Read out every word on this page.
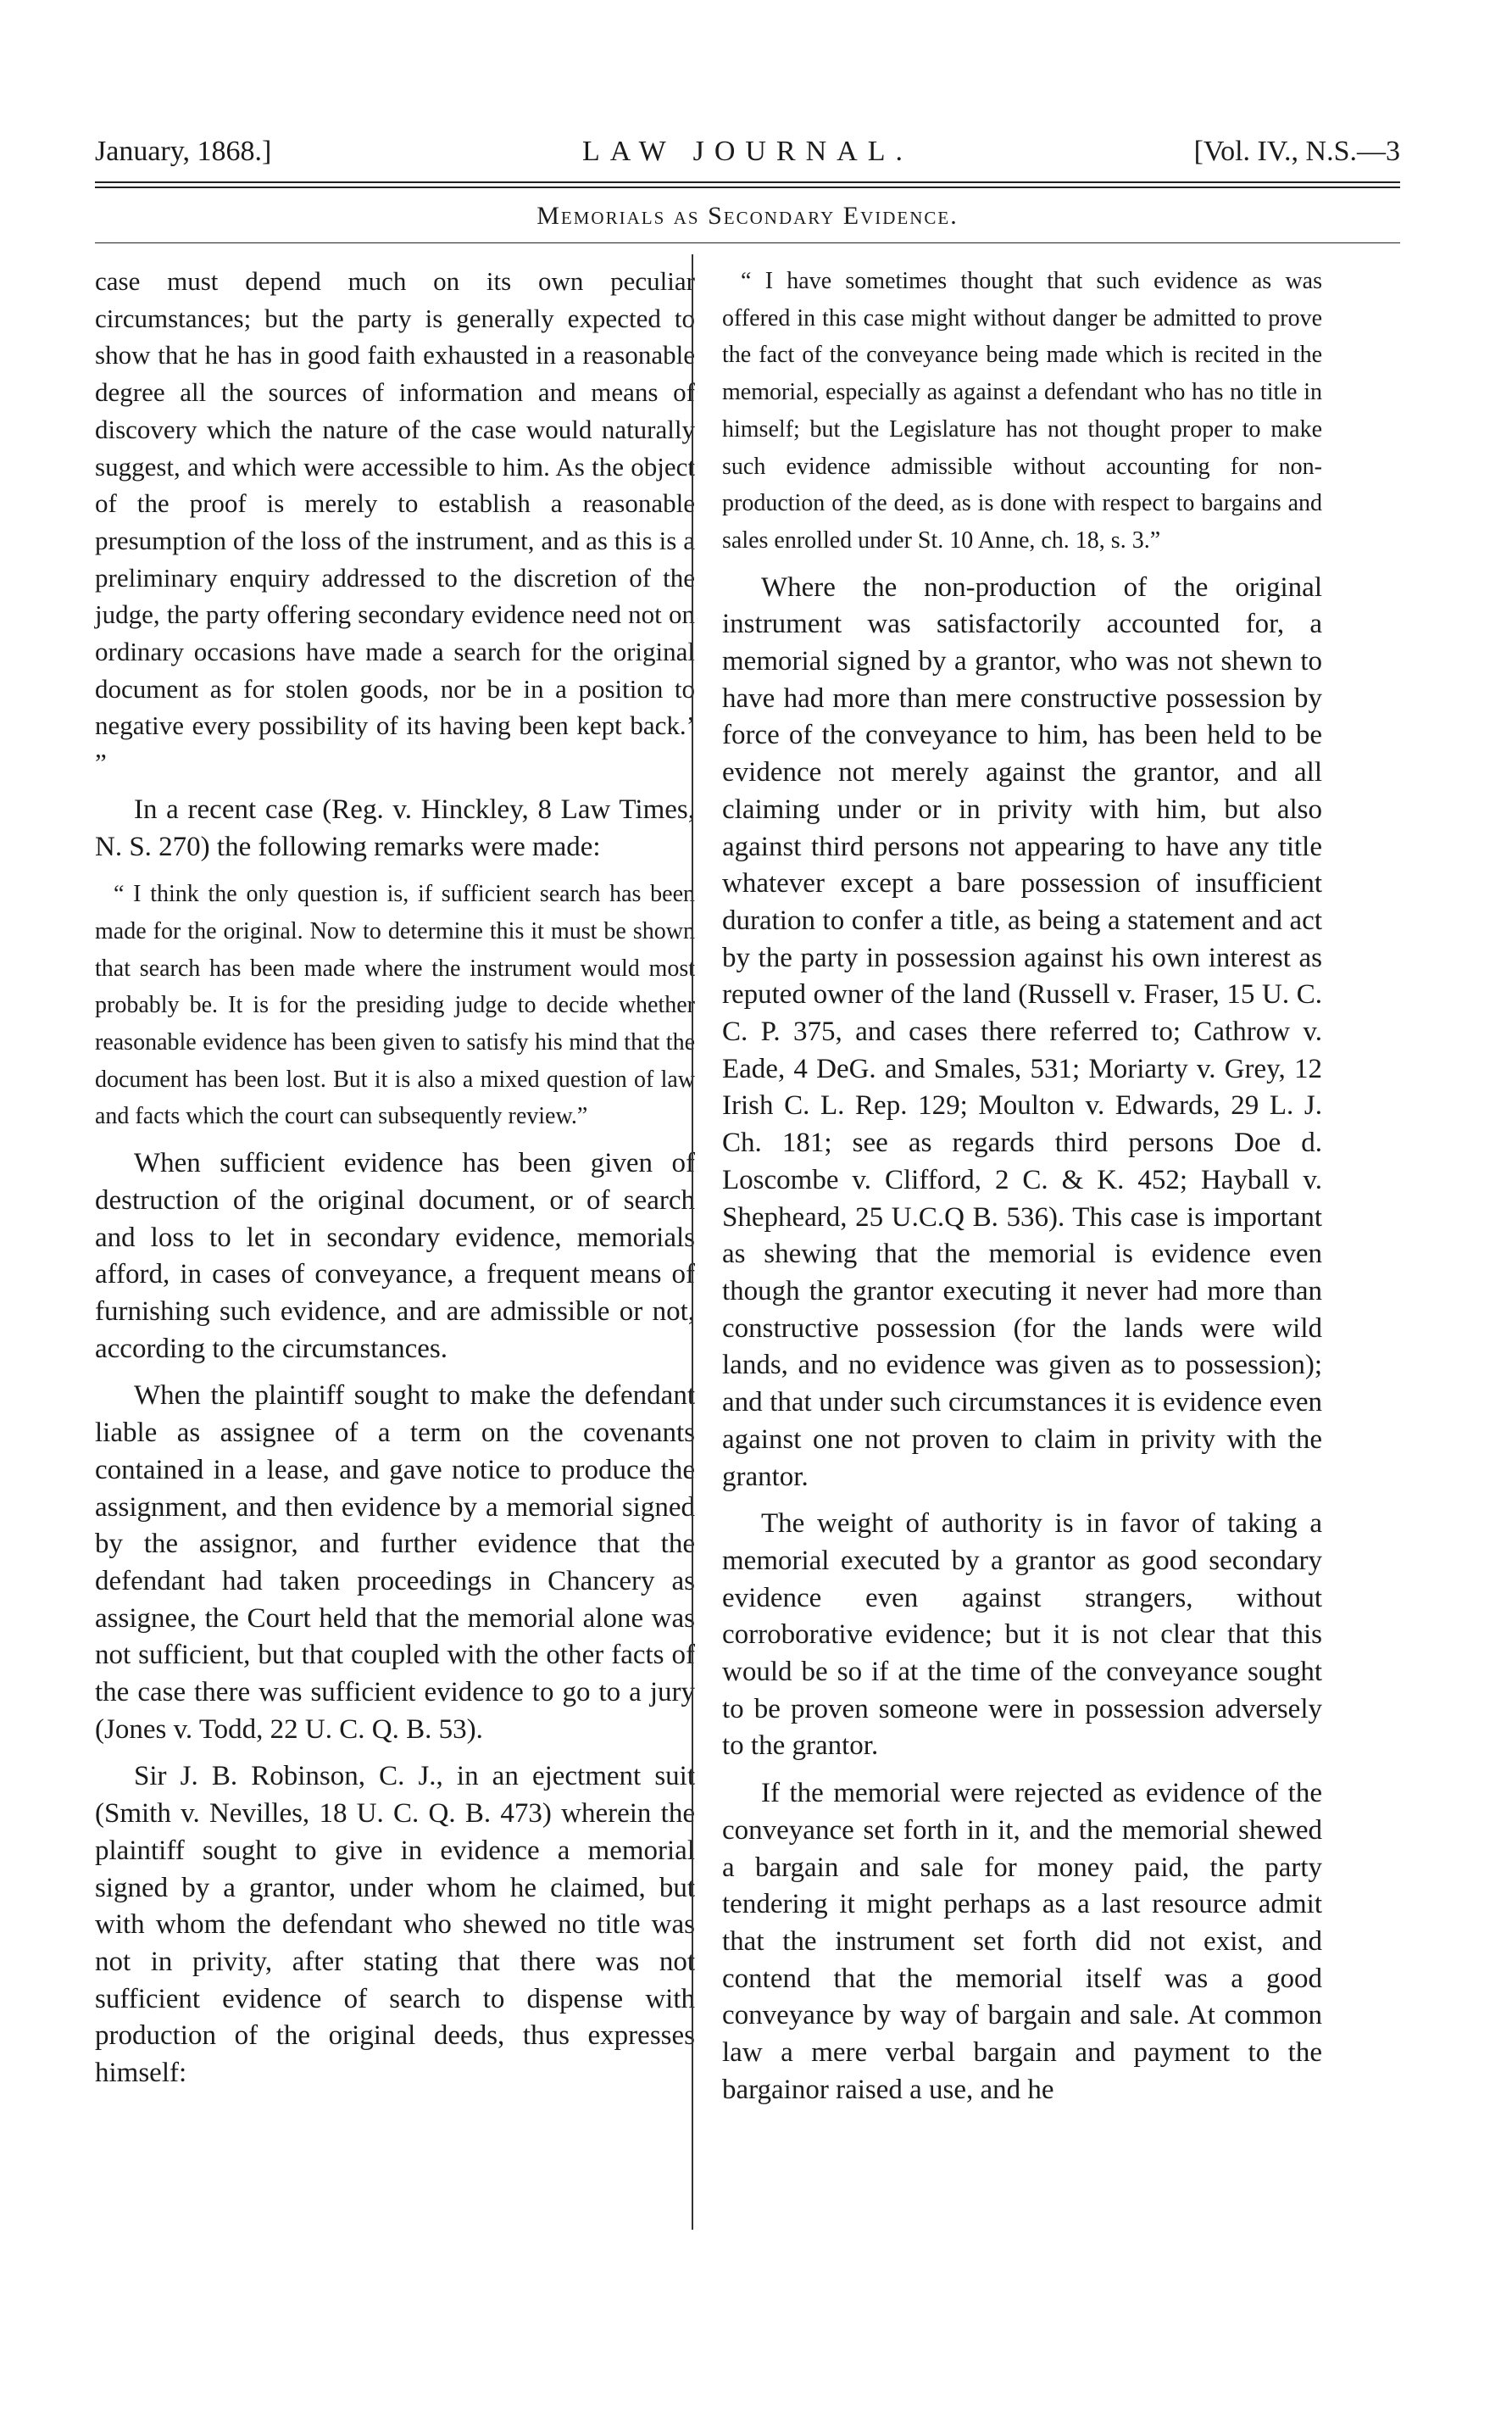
January, 1868.]	LAW JOURNAL.	[Vol. IV., N.S.—3
Memorials as Secondary Evidence.

case must depend much on its own peculiar circumstances; but the party is generally expected to show that he has in good faith exhausted in a reasonable degree all the sources of information and means of discovery which the nature of the case would naturally suggest, and which were accessible to him. As the object of the proof is merely to establish a reasonable presumption of the loss of the instrument, and as this is a preliminary enquiry addressed to the discretion of the judge, the party offering secondary evidence need not on ordinary occasions have made a search for the original document as for stolen goods, nor be in a position to negative every possibility of its having been kept back.’ ”

In a recent case (Reg. v. Hinckley, 8 Law Times, N. S. 270) the following remarks were made:

“ I think the only question is, if sufficient search has been made for the original. Now to determine this it must be shown that search has been made where the instrument would most probably be. It is for the presiding judge to decide whether reasonable evidence has been given to satisfy his mind that the document has been lost. But it is also a mixed question of law and facts which the court can subsequently review.”

When sufficient evidence has been given of destruction of the original document, or of search and loss to let in secondary evidence, memorials afford, in cases of conveyance, a frequent means of furnishing such evidence, and are admissible or not, according to the circumstances.

When the plaintiff sought to make the defendant liable as assignee of a term on the covenants contained in a lease, and gave notice to produce the assignment, and then evidence by a memorial signed by the assignor, and further evidence that the defendant had taken proceedings in Chancery as assignee, the Court held that the memorial alone was not sufficient, but that coupled with the other facts of the case there was sufficient evidence to go to a jury (Jones v. Todd, 22 U. C. Q. B. 53).

Sir J. B. Robinson, C. J., in an ejectment suit (Smith v. Nevilles, 18 U. C. Q. B. 473) wherein the plaintiff sought to give in evidence a memorial signed by a grantor, under whom he claimed, but with whom the defendant who shewed no title was not in privity, after stating that there was not sufficient evidence of search to dispense with production of the original deeds, thus expresses himself:

“ I have sometimes thought that such evidence as was offered in this case might without danger be admitted to prove the fact of the conveyance being made which is recited in the memorial, especially as against a defendant who has no title in himself; but the Legislature has not thought proper to make such evidence admissible without accounting for non-production of the deed, as is done with respect to bargains and sales enrolled under St. 10 Anne, ch. 18, s. 3.”

Where the non-production of the original instrument was satisfactorily accounted for, a memorial signed by a grantor, who was not shewn to have had more than mere constructive possession by force of the conveyance to him, has been held to be evidence not merely against the grantor, and all claiming under or in privity with him, but also against third persons not appearing to have any title whatever except a bare possession of insufficient duration to confer a title, as being a statement and act by the party in possession against his own interest as reputed owner of the land (Russell v. Fraser, 15 U. C. C. P. 375, and cases there referred to; Cathrow v. Eade, 4 DeG. and Smales, 531; Moriarty v. Grey, 12 Irish C. L. Rep. 129; Moulton v. Edwards, 29 L. J. Ch. 181; see as regards third persons Doe d. Loscombe v. Clifford, 2 C. & K. 452; Hayball v. Shepheard, 25 U.C.Q B. 536). This case is important as shewing that the memorial is evidence even though the grantor executing it never had more than constructive possession (for the lands were wild lands, and no evidence was given as to possession); and that under such circumstances it is evidence even against one not proven to claim in privity with the grantor.

The weight of authority is in favor of taking a memorial executed by a grantor as good secondary evidence even against strangers, without corroborative evidence; but it is not clear that this would be so if at the time of the conveyance sought to be proven someone were in possession adversely to the grantor.

If the memorial were rejected as evidence of the conveyance set forth in it, and the memorial shewed a bargain and sale for money paid, the party tendering it might perhaps as a last resource admit that the instrument set forth did not exist, and contend that the memorial itself was a good conveyance by way of bargain and sale. At common law a mere verbal bargain and payment to the bargainor raised a use, and he
